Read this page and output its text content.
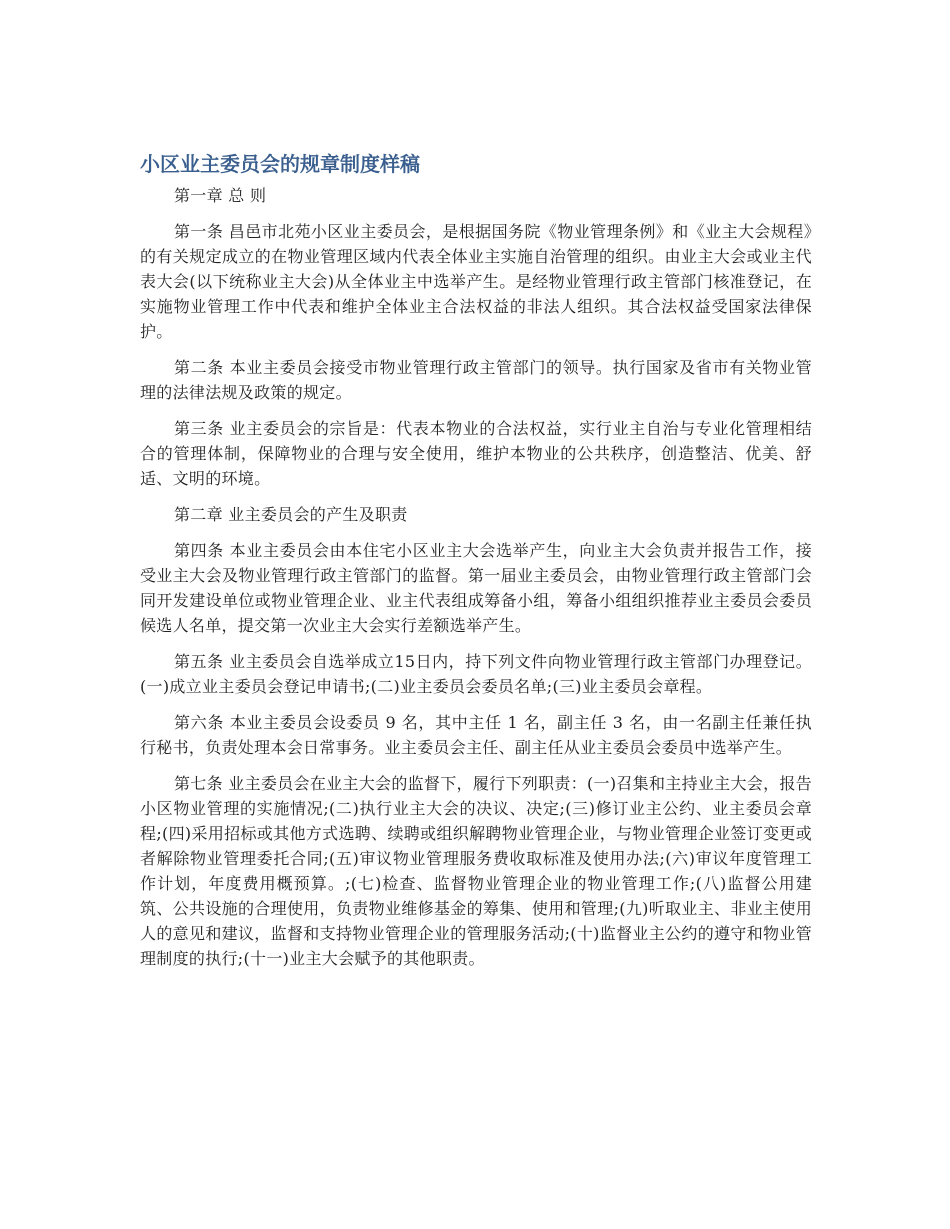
小区业主委员会的规章制度样稿

第一章 总 则

第一条 昌邑市北苑小区业主委员会，是根据国务院《物业管理条例》和《业主大会规程》的有关规定成立的在物业管理区域内代表全体业主实施自治管理的组织。由业主大会或业主代表大会(以下统称业主大会)从全体业主中选举产生。是经物业管理行政主管部门核准登记，在实施物业管理工作中代表和维护全体业主合法权益的非法人组织。其合法权益受国家法律保护。

第二条 本业主委员会接受市物业管理行政主管部门的领导。执行国家及省市有关物业管理的法律法规及政策的规定。

第三条 业主委员会的宗旨是：代表本物业的合法权益，实行业主自治与专业化管理相结合的管理体制，保障物业的合理与安全使用，维护本物业的公共秩序，创造整洁、优美、舒适、文明的环境。

第二章 业主委员会的产生及职责

第四条 本业主委员会由本住宅小区业主大会选举产生，向业主大会负责并报告工作，接受业主大会及物业管理行政主管部门的监督。第一届业主委员会，由物业管理行政主管部门会同开发建设单位或物业管理企业、业主代表组成筹备小组，筹备小组组织推荐业主委员会委员候选人名单，提交第一次业主大会实行差额选举产生。

第五条 业主委员会自选举成立15日内，持下列文件向物业管理行政主管部门办理登记。(一)成立业主委员会登记申请书;(二)业主委员会委员名单;(三)业主委员会章程。

第六条 本业主委员会设委员 9 名，其中主任 1 名，副主任 3 名，由一名副主任兼任执行秘书，负责处理本会日常事务。业主委员会主任、副主任从业主委员会委员中选举产生。

第七条 业主委员会在业主大会的监督下，履行下列职责：(一)召集和主持业主大会，报告小区物业管理的实施情况;(二)执行业主大会的决议、决定;(三)修订业主公约、业主委员会章程;(四)采用招标或其他方式选聘、续聘或组织解聘物业管理企业，与物业管理企业签订变更或者解除物业管理委托合同;(五)审议物业管理服务费收取标准及使用办法;(六)审议年度管理工作计划，年度费用概预算。;(七)检查、监督物业管理企业的物业管理工作;(八)监督公用建筑、公共设施的合理使用，负责物业维修基金的筹集、使用和管理;(九)听取业主、非业主使用人的意见和建议，监督和支持物业管理企业的管理服务活动;(十)监督业主公约的遵守和物业管理制度的执行;(十一)业主大会赋予的其他职责。
